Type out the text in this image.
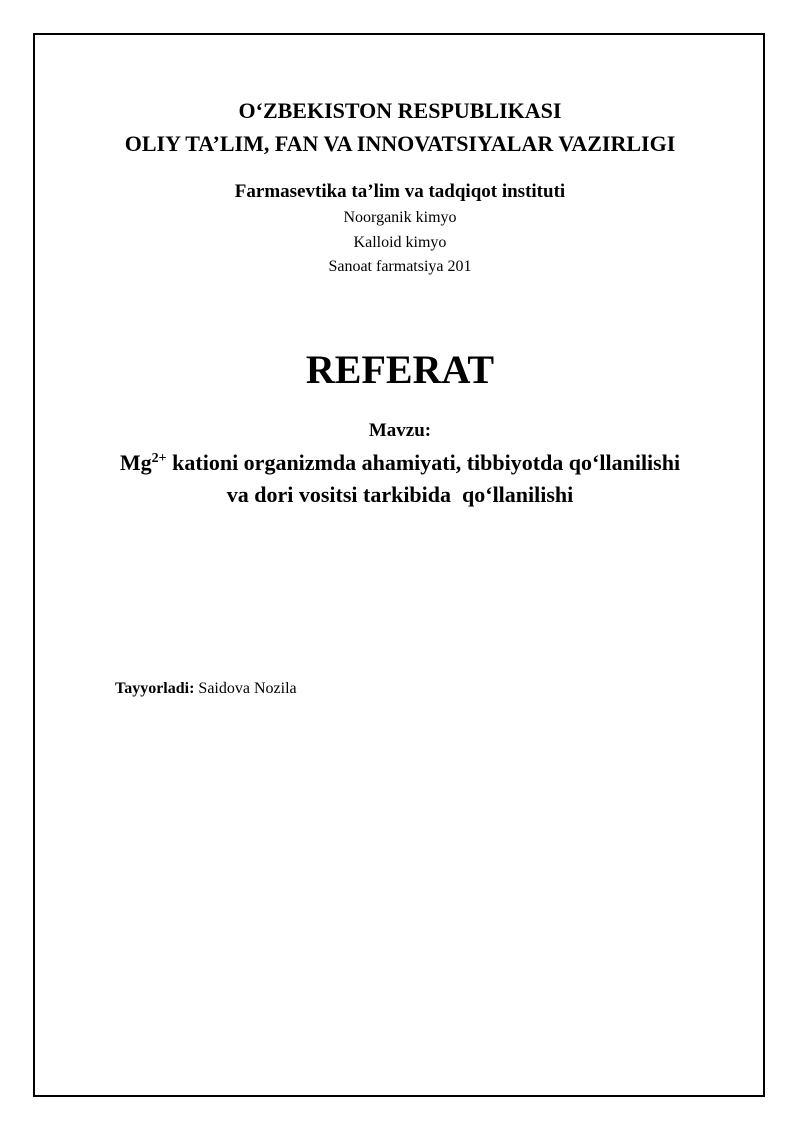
O‘ZBEKISTON RESPUBLIKASI
OLIY TA’LIM, FAN VA INNOVATSIYALAR VAZIRLIGI
Farmasevtika ta’lim va tadqiqot instituti
Noorganik kimyo
Kalloid kimyo
Sanoat farmatsiya 201
REFERAT
Mavzu:
$Mg^{2+}$ kationi organizmda ahamiyati, tibbiyotda qo‘llanilishi
va dori vositsi tarkibida  qo‘llanilishi
Tayyorladi: Saidova Nozila
